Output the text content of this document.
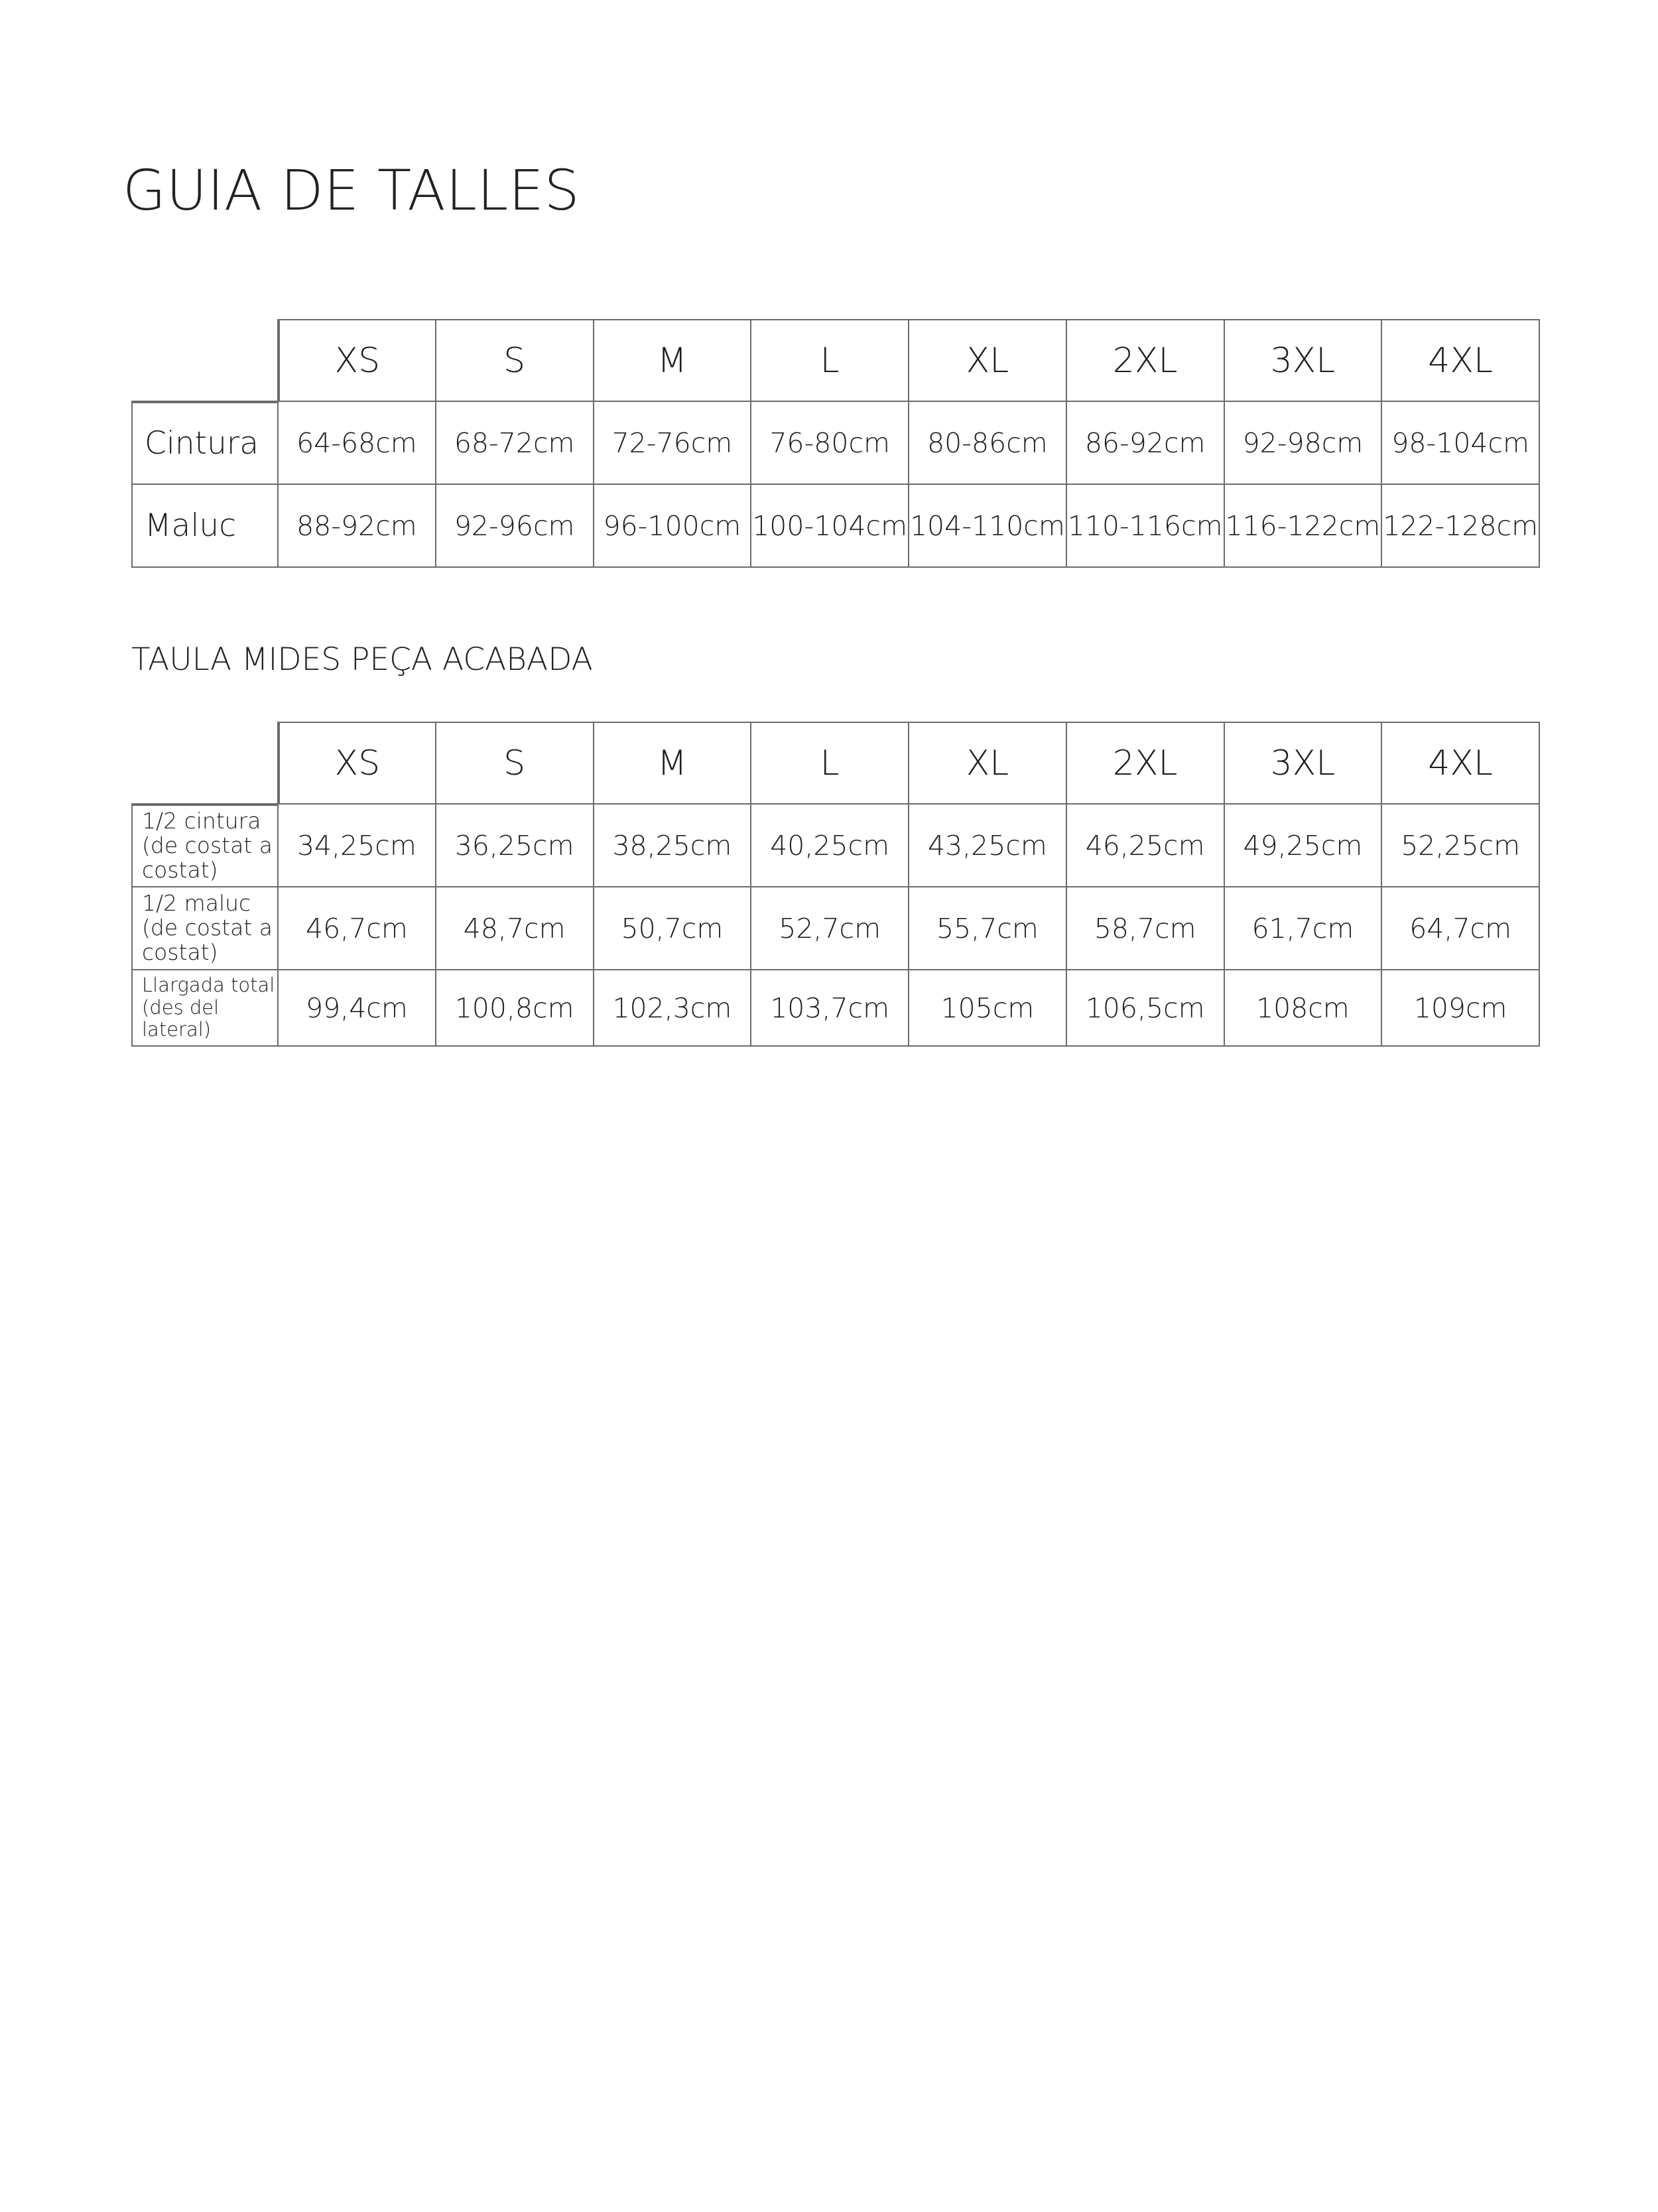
GUIA DE TALLES
XS	S	M	L	XL	2XL	3XL	4XL
Cintura	64-68cm	68-72cm	72-76cm	76-80cm	80-86cm	86-92cm	92-98cm	98-104cm
Maluc	88-92cm	92-96cm	96-100cm 100-104cm 104-110cm 110-116cm 116-122cm 122-128cm
TAULA MIDES PEÇA ACABADA
XS	S	M	L	XL	2XL	3XL	4XL
1/2 cintura (de costat a costat)
34,25cm	36,25cm	38,25cm	40,25cm	43,25cm	46,25cm	49,25cm	52,25cm
1/2 maluc (de costat a costat)
46,7cm	48,7cm	50,7cm	52,7cm	55,7cm	58,7cm	61,7cm	64,7cm
Llargada total (des del lateral)
99,4cm	100,8cm	102,3cm	103,7cm	105cm	106,5cm	108cm	109cm
